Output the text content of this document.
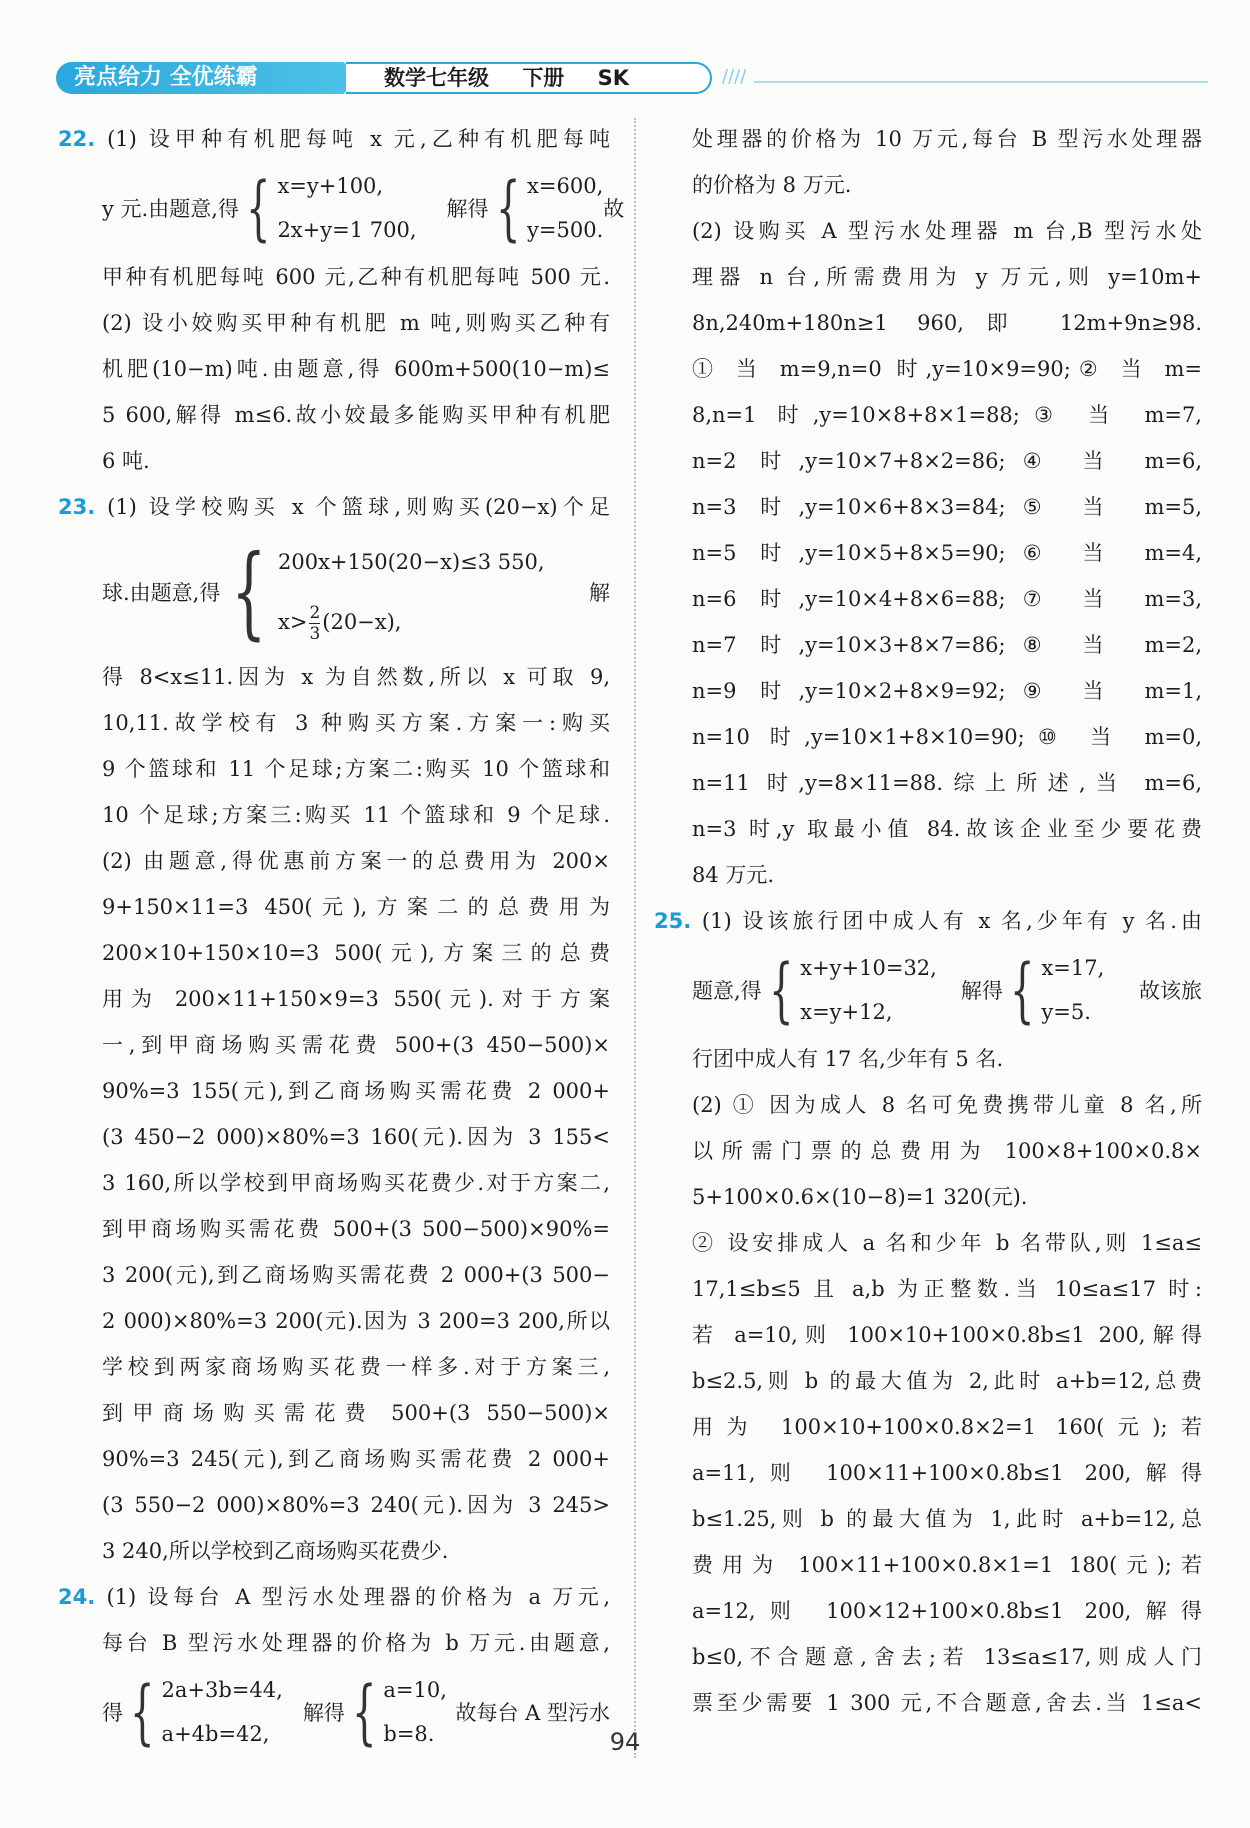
亮点给力 全优练霸	数学七年级 下册 SK	////
22. (1) 设甲种有机肥每吨 x 元,乙种有机肥每吨
y 元.由题意,得 { x=y+100,
2x+y=1 700,
解得 { x=600,
y=500.
故
甲种有机肥每吨 600 元,乙种有机肥每吨 500 元.
(2) 设小姣购买甲种有机肥 m 吨,则购买乙种有
机肥(10−m)吨.由题意,得 600m+500(10−m)≤
5 600,解得 m≤6.故小姣最多能购买甲种有机肥
6 吨.
23. (1) 设学校购买 x 个篮球,则购买(20−x)个足
球.由题意,得 { 200x+150(20−x)≤3 550,
$x> \frac{2}{3} (20-x)$,
解
得 8<x≤11.因为 x 为自然数,所以 x 可取 9,
10,11.故学校有 3 种购买方案.方案一:购买
9 个篮球和 11 个足球;方案二:购买 10 个篮球和
10 个足球;方案三:购买 11 个篮球和 9 个足球.
(2) 由题意,得优惠前方案一的总费用为 200×
9+150×11=3 450(元),方案二的总费用为
200×10+150×10=3 500(元),方案三的总费
用为 200×11+150×9=3 550(元).对于方案
一,到甲商场购买需花费 500+(3 450−500)×
90%=3 155(元),到乙商场购买需花费 2 000+
(3 450−2 000)×80%=3 160(元).因为 3 155<
3 160,所以学校到甲商场购买花费少.对于方案二,
到甲商场购买需花费 500+(3 500−500)×90%=
3 200(元),到乙商场购买需花费 2 000+(3 500−
2 000)×80%=3 200(元).因为 3 200=3 200,所以
学校到两家商场购买花费一样多.对于方案三,
到甲商场购买需花费 500+(3 550−500)×
90%=3 245(元),到乙商场购买需花费 2 000+
(3 550−2 000)×80%=3 240(元).因为 3 245>
3 240,所以学校到乙商场购买花费少.
24. (1) 设每台 A 型污水处理器的价格为 a 万元,
每台 B 型污水处理器的价格为 b 万元.由题意,
得 { 2a+3b=44,
a+4b=42,
解得 { a=10,
b=8.
故每台 A 型污水
处理器的价格为 10 万元,每台 B 型污水处理器
的价格为 8 万元.
(2) 设购买 A 型污水处理器 m 台,B 型污水处
理器 n 台,所需费用为 y 万元,则 y=10m+
8n,240m+180n≥1 960,即 12m+9n≥98.
① 当 m=9,n=0 时,y=10×9=90;② 当 m=
8,n=1 时,y=10×8+8×1=88;③ 当 m=7,
n=2 时,y=10×7+8×2=86;④ 当 m=6,
n=3 时,y=10×6+8×3=84;⑤ 当 m=5,
n=5 时,y=10×5+8×5=90;⑥ 当 m=4,
n=6 时,y=10×4+8×6=88;⑦ 当 m=3,
n=7 时,y=10×3+8×7=86;⑧ 当 m=2,
n=9 时,y=10×2+8×9=92;⑨ 当 m=1,
n=10 时,y=10×1+8×10=90;⑩ 当 m=0,
n=11 时,y=8×11=88.综上所述,当 m=6,
n=3 时,y 取最小值 84.故该企业至少要花费
84 万元.
25. (1) 设该旅行团中成人有 x 名,少年有 y 名.由
题意,得 { x+y+10=32,
x=y+12,
解得 { x=17,
y=5.
故该旅
行团中成人有 17 名,少年有 5 名.
(2) ① 因为成人 8 名可免费携带儿童 8 名,所
以所需门票的总费用为 100×8+100×0.8×
5+100×0.6×(10−8)=1 320(元).
② 设安排成人 a 名和少年 b 名带队,则 1≤a≤
17,1≤b≤5 且 a,b 为正整数.当 10≤a≤17 时:
若 a=10,则 100×10+100×0.8b≤1 200,解得
b≤2.5,则 b 的最大值为 2,此时 a+b=12,总费
用为 100×10+100×0.8×2=1 160(元);若
a=11,则 100×11+100×0.8b≤1 200,解得
b≤1.25,则 b 的最大值为 1,此时 a+b=12,总
费用为 100×11+100×0.8×1=1 180(元);若
a=12,则 100×12+100×0.8b≤1 200,解得
b≤0,不合题意,舍去;若 13≤a≤17,则成人门
票至少需要 1 300 元,不合题意,舍去.当 1≤a<
94
